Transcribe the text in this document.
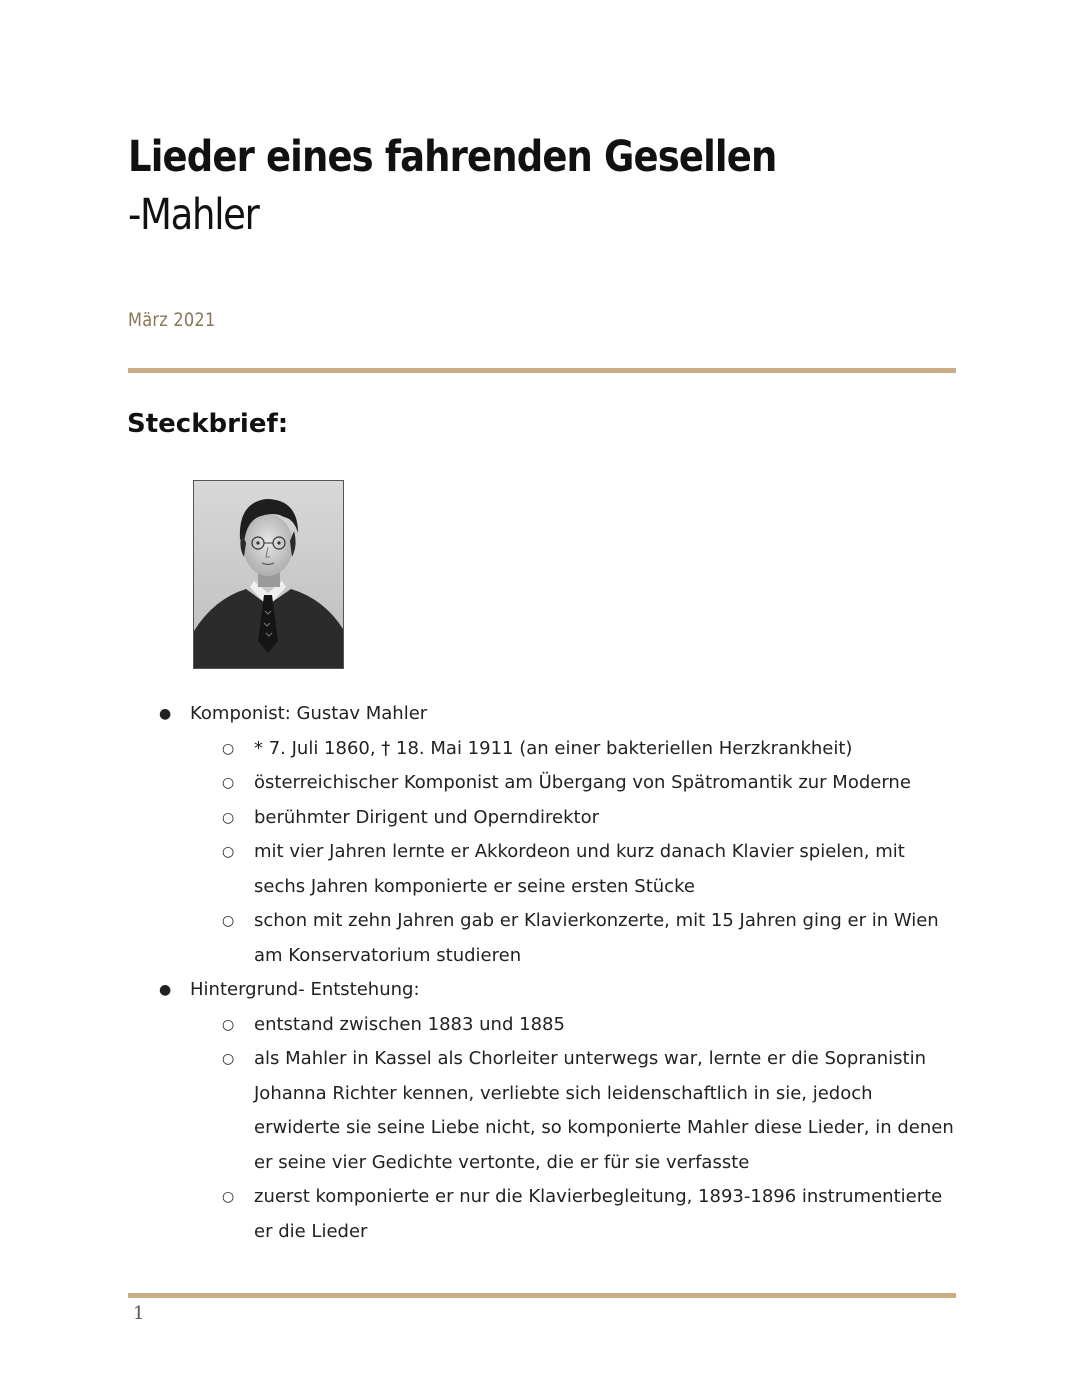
Lieder eines fahrenden Gesellen
-Mahler
März 2021
Steckbrief:
●	Komponist: Gustav Mahler
○	* 7. Juli 1860, † 18. Mai 1911 (an einer bakteriellen Herzkrankheit)
○	österreichischer Komponist am Übergang von Spätromantik zur Moderne
○	berühmter Dirigent und Operndirektor
○	mit vier Jahren lernte er Akkordeon und kurz danach Klavier spielen, mit sechs Jahren komponierte er seine ersten Stücke
○	schon mit zehn Jahren gab er Klavierkonzerte, mit 15 Jahren ging er in Wien am Konservatorium studieren
●	Hintergrund- Entstehung:
○	entstand zwischen 1883 und 1885
○	als Mahler in Kassel als Chorleiter unterwegs war, lernte er die Sopranistin Johanna Richter kennen, verliebte sich leidenschaftlich in sie, jedoch erwiderte sie seine Liebe nicht, so komponierte Mahler diese Lieder, in denen er seine vier Gedichte vertonte, die er für sie verfasste
○	zuerst komponierte er nur die Klavierbegleitung, 1893-1896 instrumentierte er die Lieder
1
